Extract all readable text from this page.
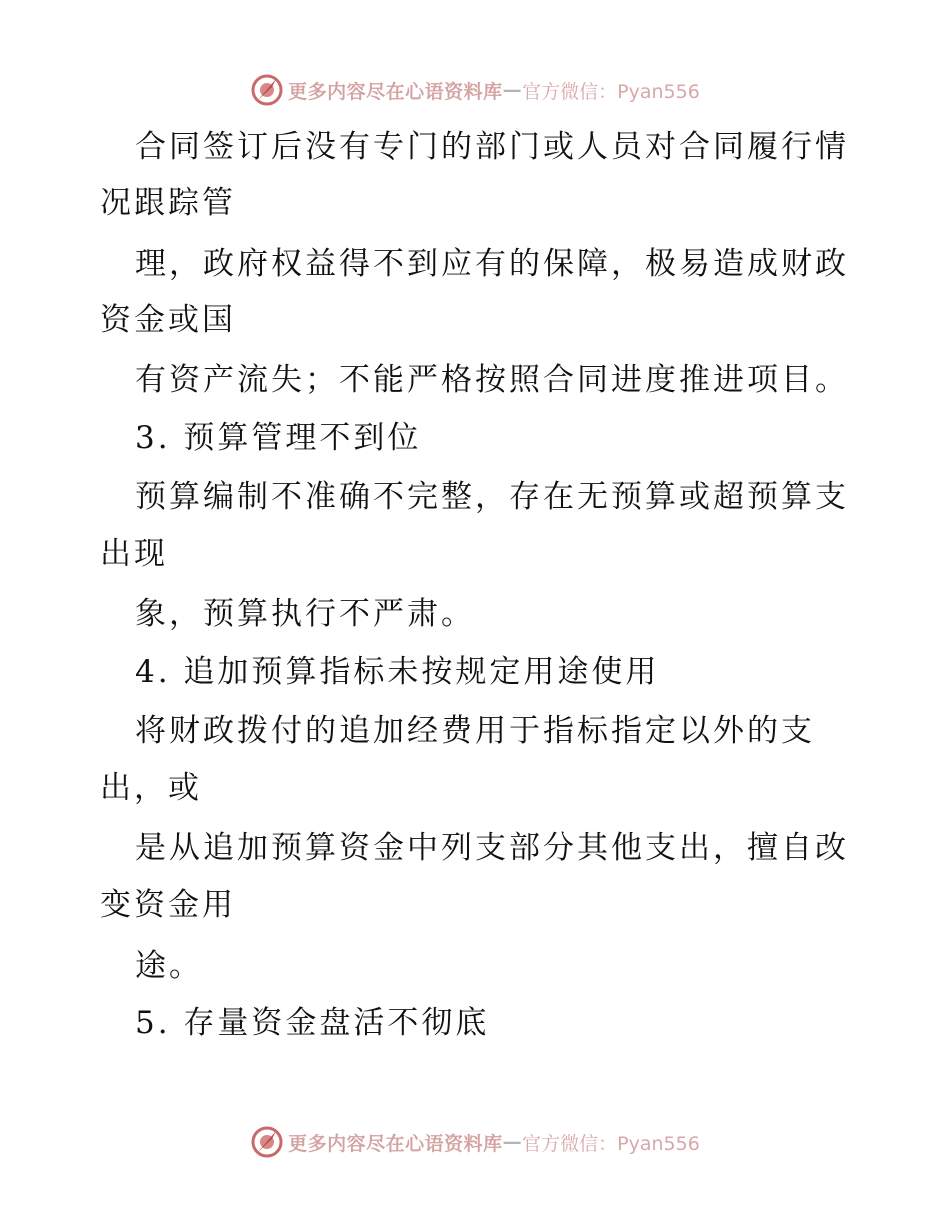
更多内容尽在心语资料库 — 官方微信：Pyan556
合同签订后没有专门的部门或人员对合同履行情
况跟踪管
理，政府权益得不到应有的保障，极易造成财政
资金或国
有资产流失；不能严格按照合同进度推进项目。
3. 预算管理不到位
预算编制不准确不完整，存在无预算或超预算支
出现
象，预算执行不严肃。
4. 追加预算指标未按规定用途使用
将财政拨付的追加经费用于指标指定以外的支
出，或
是从追加预算资金中列支部分其他支出，擅自改
变资金用
途。
5. 存量资金盘活不彻底
更多内容尽在心语资料库 — 官方微信：Pyan556
